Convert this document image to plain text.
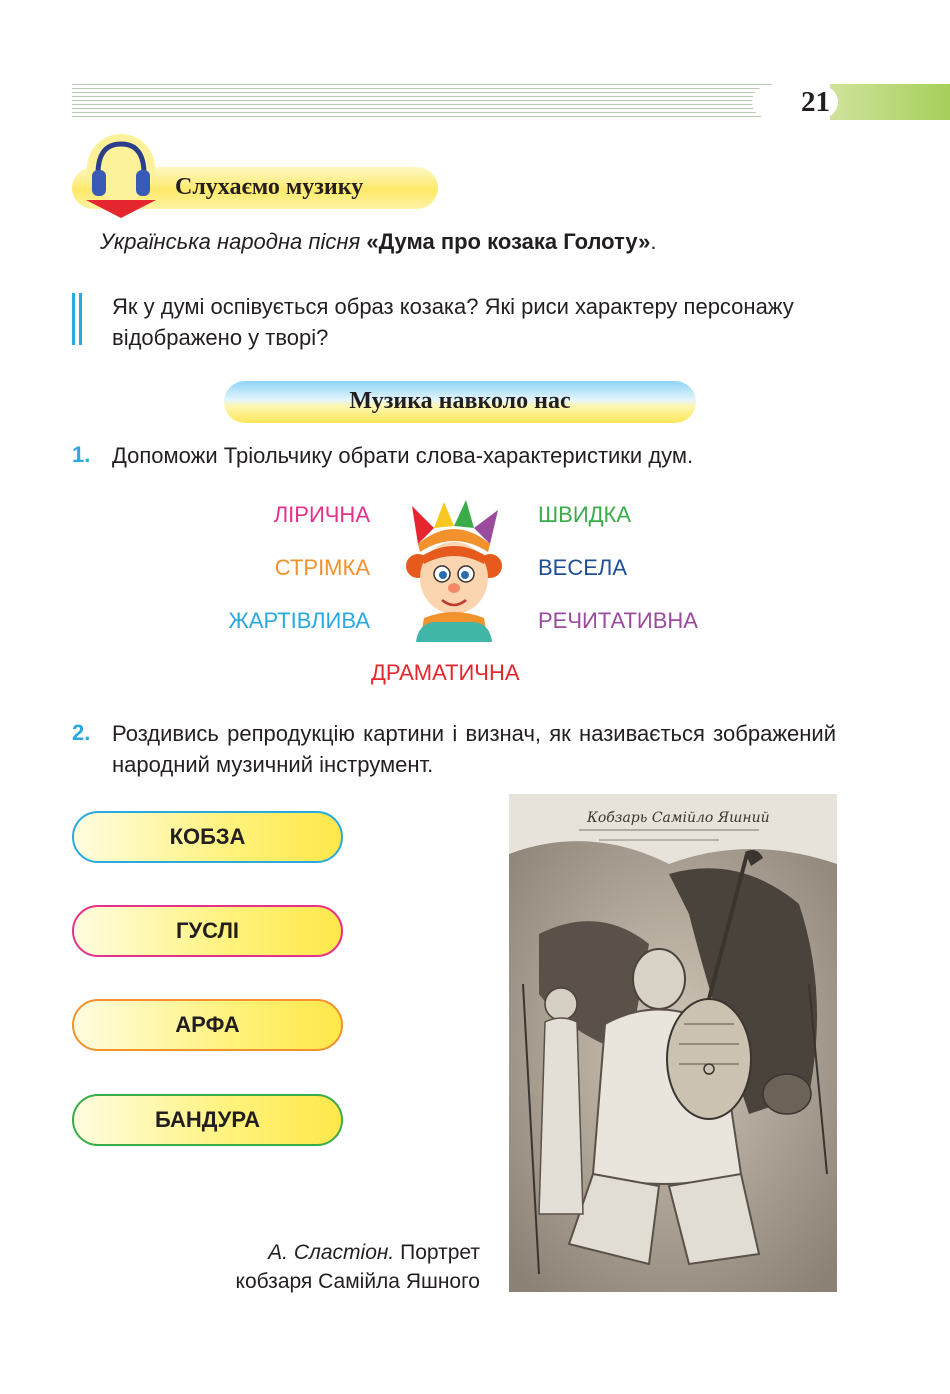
21
Слухаємо музику
Українська народна пісня «Дума про козака Голоту».
Як у думі оспівується образ козака? Які риси характеру персонажу відображено у творі?
Музика навколо нас
1. Допоможи Тріольчику обрати слова-характеристики дум.
ЛІРИЧНА
СТРІМКА
ЖАРТІВЛИВА
ШВИДКА
ВЕСЕЛА
РЕЧИТАТИВНА
ДРАМАТИЧНА
2. Роздивись репродукцію картини і визнач, як називається зображений народний музичний інструмент.
КОБЗА
ГУСЛІ
АРФА
БАНДУРА
Кобзарь Самійло Яшний
А. Сластіон. Портрет
кобзаря Самійла Яшного
